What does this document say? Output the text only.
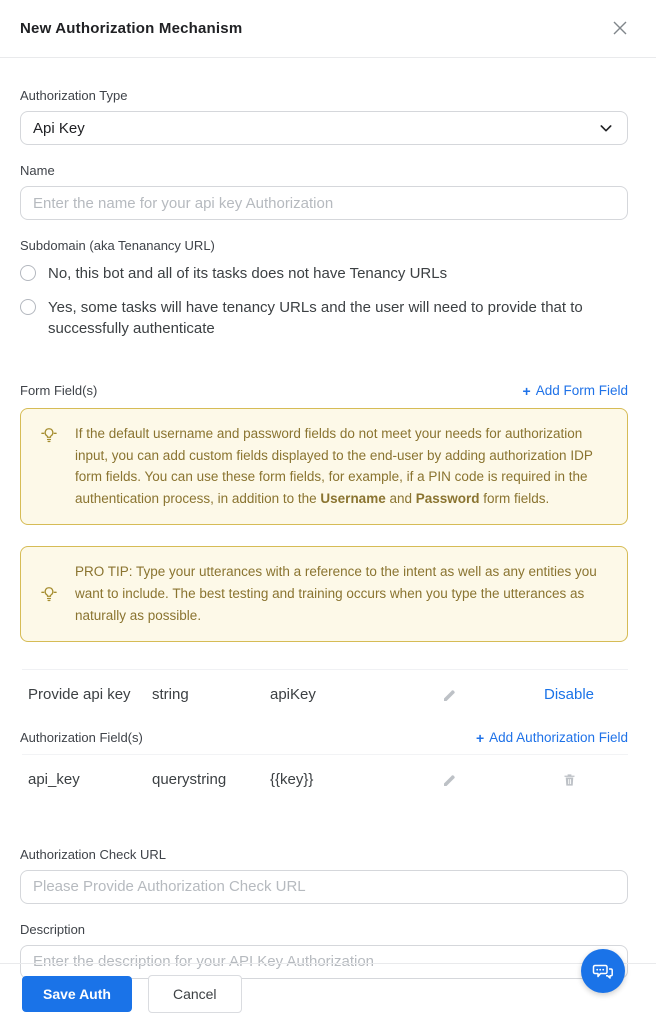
New Authorization Mechanism
Authorization Type
Api Key
Name
Enter the name for your api key Authorization
Subdomain (aka Tenanancy URL)
No, this bot and all of its tasks does not have Tenancy URLs
Yes, some tasks will have tenancy URLs and the user will need to provide that to successfully authenticate
Form Field(s)	+ Add Form Field
If the default username and password fields do not meet your needs for authorization input, you can add custom fields displayed to the end-user by adding authorization IDP form fields. You can use these form fields, for example, if a PIN code is required in the authentication process, in addition to the Username and Password form fields.
PRO TIP: Type your utterances with a reference to the intent as well as any entities you want to include. The best testing and training occurs when you type the utterances as naturally as possible.
Provide api key	string	apiKey	Disable
Authorization Field(s)	+ Add Authorization Field
api_key	querystring	{{key}}
Authorization Check URL
Please Provide Authorization Check URL
Description
Enter the description for your API Key Authorization
Save Auth	Cancel
